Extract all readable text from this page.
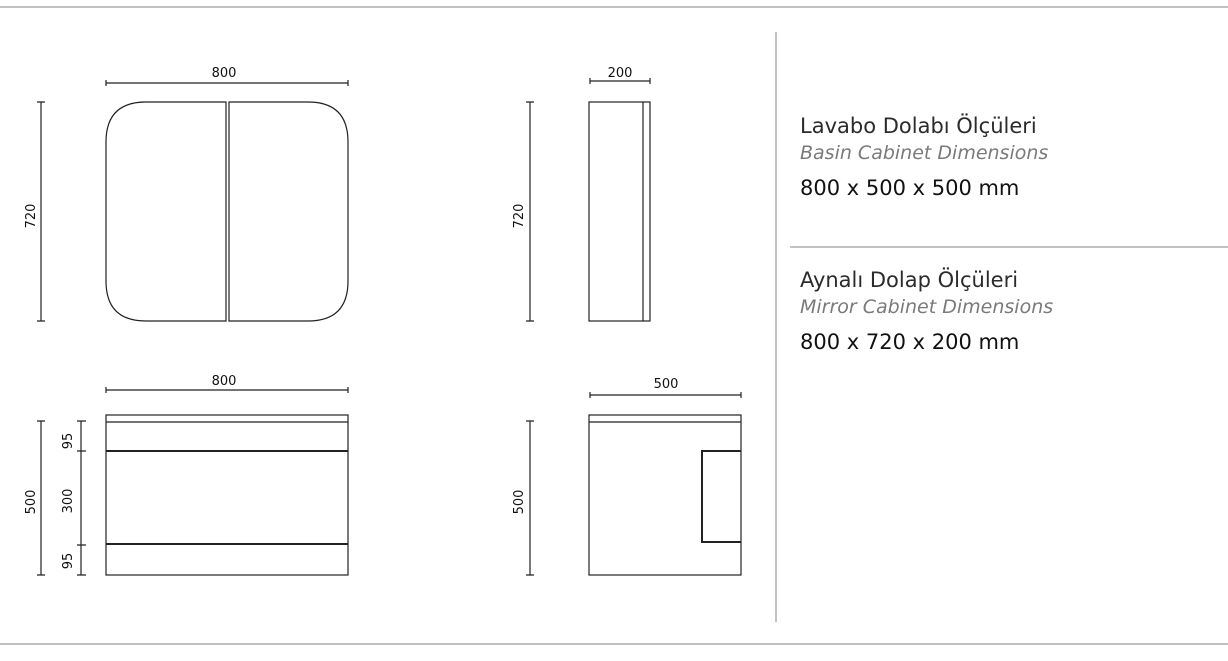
800
720
200
720
800
500
95
300
95
500
500
Lavabo Dolabı Ölçüleri
Basin Cabinet Dimensions
800 x 500 x 500 mm
Aynalı Dolap Ölçüleri
Mirror Cabinet Dimensions
800 x 720 x 200 mm
